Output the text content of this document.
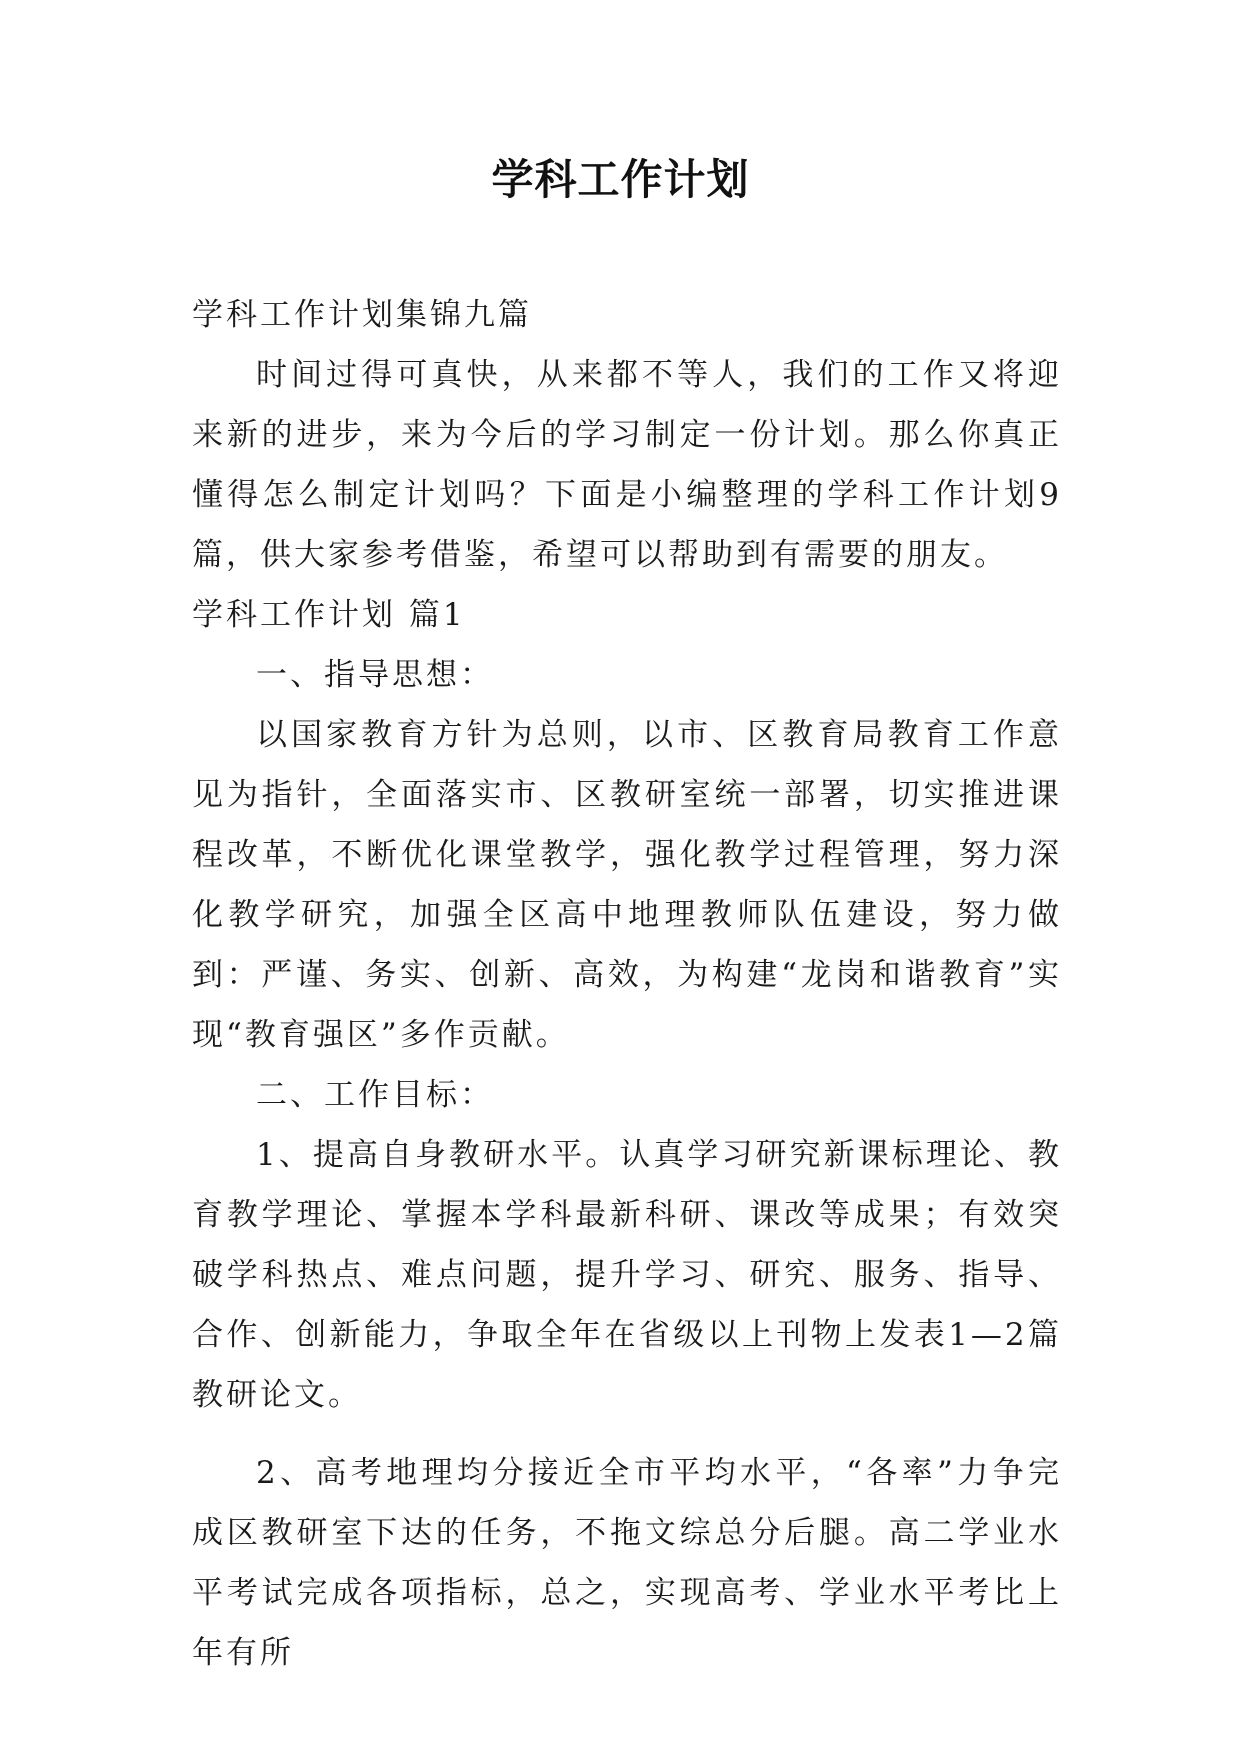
学科工作计划

学科工作计划集锦九篇

时间过得可真快，从来都不等人，我们的工作又将迎来新的进步，来为今后的学习制定一份计划。那么你真正懂得怎么制定计划吗？下面是小编整理的学科工作计划9篇，供大家参考借鉴，希望可以帮助到有需要的朋友。

学科工作计划 篇1

一、指导思想：

以国家教育方针为总则，以市、区教育局教育工作意见为指针，全面落实市、区教研室统一部署，切实推进课程改革，不断优化课堂教学，强化教学过程管理，努力深化教学研究，加强全区高中地理教师队伍建设，努力做到：严谨、务实、创新、高效，为构建“龙岗和谐教育”实现“教育强区”多作贡献。

二、工作目标：

1、提高自身教研水平。认真学习研究新课标理论、教育教学理论、掌握本学科最新科研、课改等成果；有效突破学科热点、难点问题，提升学习、研究、服务、指导、合作、创新能力，争取全年在省级以上刊物上发表1—2篇教研论文。

2、高考地理均分接近全市平均水平，“各率”力争完成区教研室下达的任务，不拖文综总分后腿。高二学业水平考试完成各项指标，总之，实现高考、学业水平考比上年有所
